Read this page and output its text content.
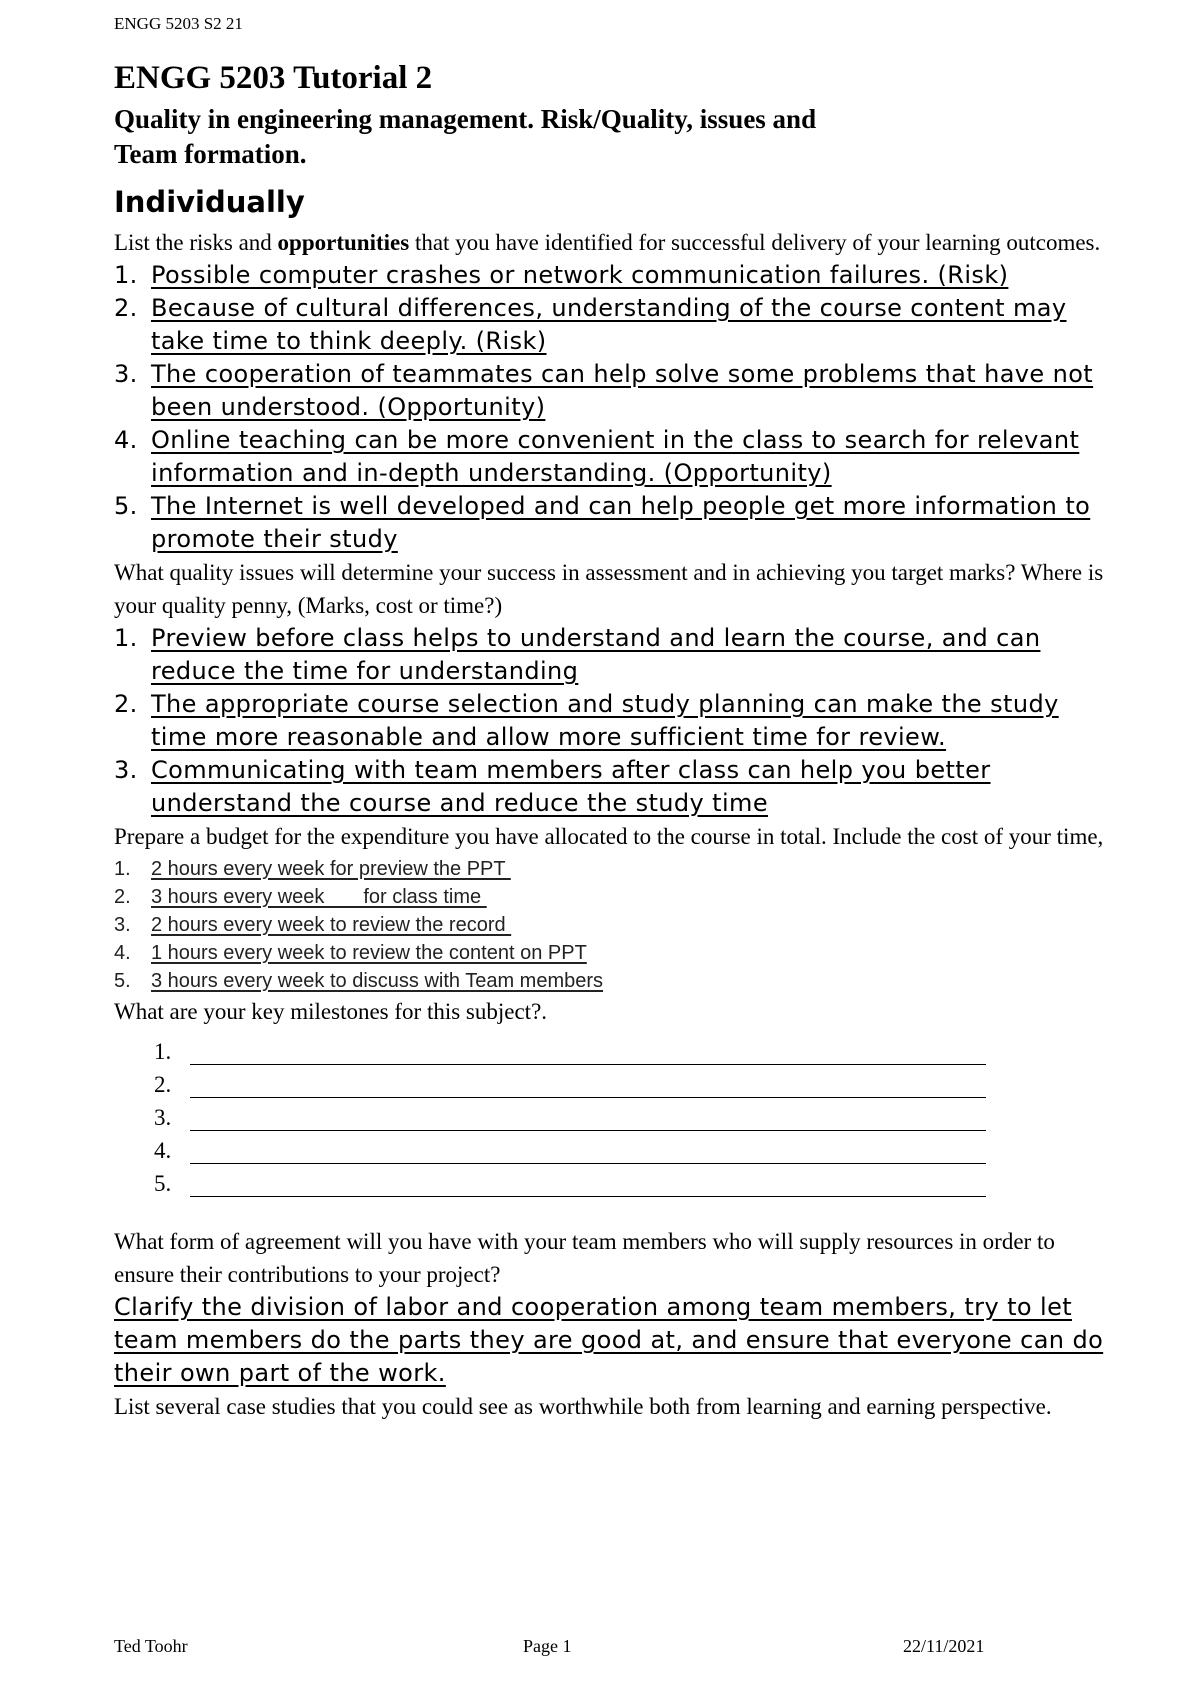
ENGG 5203 S2 21
ENGG 5203 Tutorial 2
Quality in engineering management. Risk/Quality, issues and
Team formation.
Individually

List the risks and opportunities that you have identified for successful delivery of your learning outcomes.

1. Possible computer crashes or network communication failures. (Risk)
2. Because of cultural differences, understanding of the course content may take time to think deeply. (Risk)
3. The cooperation of teammates can help solve some problems that have not been understood. (Opportunity)
4. Online teaching can be more convenient in the class to search for relevant information and in-depth understanding. (Opportunity)
5. The Internet is well developed and can help people get more information to promote their study

What quality issues will determine your success in assessment and in achieving you target marks? Where is your quality penny, (Marks, cost or time?)

1. Preview before class helps to understand and learn the course, and can reduce the time for understanding
2. The appropriate course selection and study planning can make the study time more reasonable and allow more sufficient time for review.
3. Communicating with team members after class can help you better understand the course and reduce the study time

Prepare a budget for the expenditure you have allocated to the course in total. Include the cost of your time,

1.	2 hours every week for preview the PPT
2.	3 hours every week       for class time
3.	2 hours every week to review the record
4.	1 hours every week to review the content on PPT
5.	3 hours every week to discuss with Team members

What are your key milestones for this subject?.

1.
2.
3.
4.
5.

What form of agreement will you have with your team members who will supply resources in order to ensure their contributions to your project?

Clarify the division of labor and cooperation among team members, try to let team members do the parts they are good at, and ensure that everyone can do their own part of the work.

List several case studies that you could see as worthwhile both from learning and earning perspective.

Ted Toohr	Page 1	22/11/2021
